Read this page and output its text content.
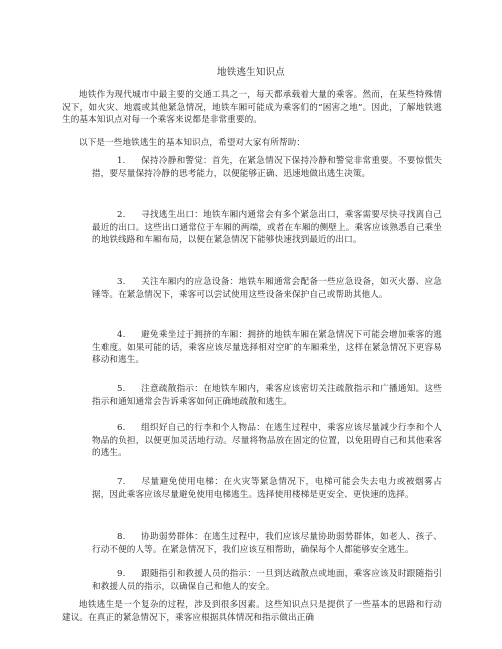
地铁逃生知识点

地铁作为现代城市中最主要的交通工具之一，每天都承载着大量的乘客。然而，在某些特殊情况下，如火灾、地震或其他紧急情况，地铁车厢可能成为乘客们的“困害之地”。因此，了解地铁逃生的基本知识点对每一个乘客来说都是非常重要的。

以下是一些地铁逃生的基本知识点，希望对大家有所帮助：

1. 保持冷静和警觉：首先，在紧急情况下保持冷静和警觉非常重要。不要惊慌失措，要尽量保持冷静的思考能力，以便能够正确、迅速地做出逃生决策。
2. 寻找逃生出口：地铁车厢内通常会有多个紧急出口，乘客需要尽快寻找离自己最近的出口。这些出口通常位于车厢的两端，或者在车厢的侧壁上。乘客应该熟悉自己乘坐的地铁线路和车厢布局，以便在紧急情况下能够快速找到最近的出口。
3. 关注车厢内的应急设备：地铁车厢通常会配备一些应急设备，如灭火器、应急锤等。在紧急情况下，乘客可以尝试使用这些设备来保护自己或帮助其他人。
4. 避免乘坐过于拥挤的车厢：拥挤的地铁车厢在紧急情况下可能会增加乘客的逃生难度。如果可能的话，乘客应该尽量选择相对空旷的车厢乘坐，这样在紧急情况下更容易移动和逃生。
5. 注意疏散指示：在地铁车厢内，乘客应该密切关注疏散指示和广播通知。这些指示和通知通常会告诉乘客如何正确地疏散和逃生。
6. 组织好自己的行李和个人物品：在逃生过程中，乘客应该尽量减少行李和个人物品的负担，以便更加灵活地行动。尽量将物品放在固定的位置，以免阻碍自己和其他乘客的逃生。
7. 尽量避免使用电梯：在火灾等紧急情况下，电梯可能会失去电力或被烟雾占据，因此乘客应该尽量避免使用电梯逃生。选择使用楼梯是更安全、更快速的选择。
8. 协助弱势群体：在逃生过程中，我们应该尽量协助弱势群体，如老人、孩子、行动不便的人等。在紧急情况下，我们应该互相帮助，确保每个人都能够安全逃生。
9. 跟随指引和救援人员的指示：一旦到达疏散点或地面，乘客应该及时跟随指引和救援人员的指示，以确保自己和他人的安全。

地铁逃生是一个复杂的过程，涉及到很多因素。这些知识点只是提供了一些基本的思路和行动建议。在真正的紧急情况下，乘客应根据具体情况和指示做出正确
